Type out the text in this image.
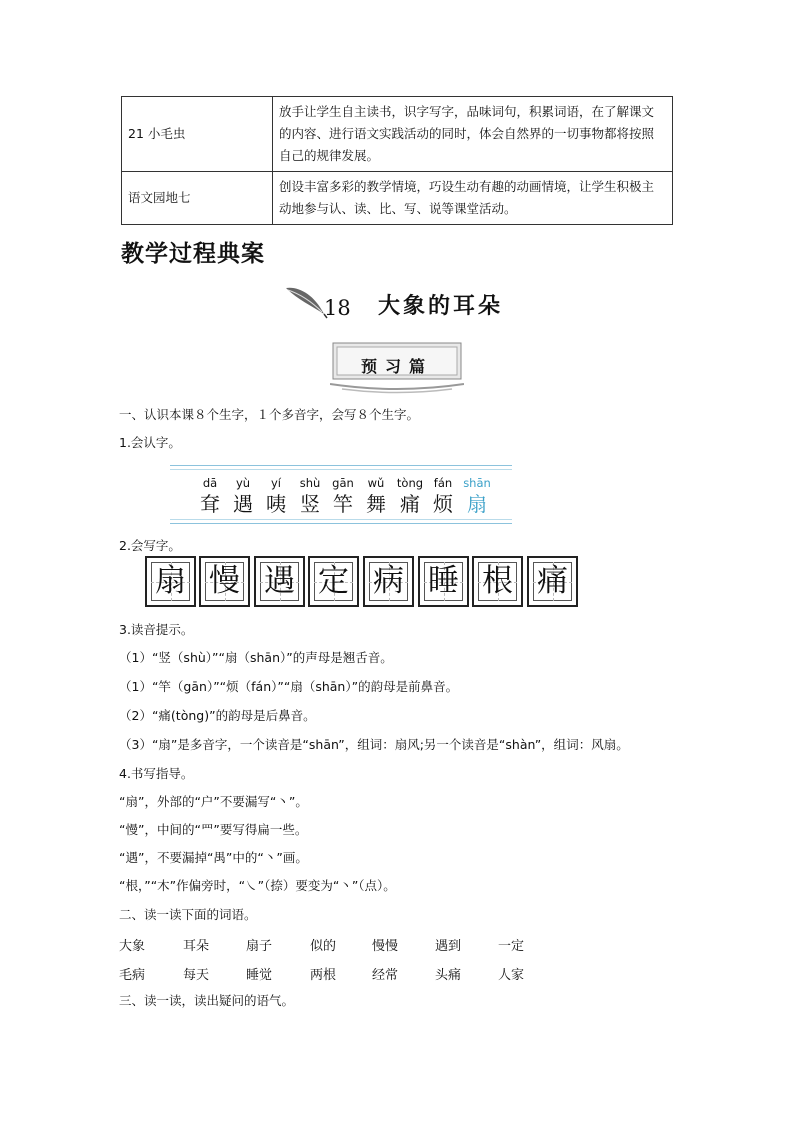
21 小毛虫	放手让学生自主读书，识字写字，品味词句，积累词语，在了解课文的内容、进行语文实践活动的同时，体会自然界的一切事物都将按照自己的规律发展。
语文园地七	创设丰富多彩的教学情境，巧设生动有趣的动画情境，让学生积极主动地参与认、读、比、写、说等课堂活动。
教学过程典案
18 大象的耳朵
预习篇
一、认识本课８个生字，１个多音字，会写８个生字。
1.会认字。
dā
耷
yù
遇
yí
咦
shù
竖
gān
竿
wǔ
舞
tòng
痛
fán
烦
shān
扇
2.会写字。
扇 慢 遇 定 病 睡 根 痛
3.读音提示。
（1）“竖（shù）”“扇（shān）”的声母是翘舌音。
（1）“竿（gān）”“烦（fán）”“扇（shān）”的韵母是前鼻音。
（2）“痛(tòng)”的韵母是后鼻音。
（3）“扇”是多音字，一个读音是“shān”，组词：扇风;另一个读音是“shàn”，组词：风扇。
4.书写指导。
“扇”，外部的“户”不要漏写“丶”。
“慢”，中间的“罒”要写得扁一些。
“遇”，不要漏掉“禺”中的“丶”画。
“根，”“木”作偏旁时，“㇏”（捺）要变为“丶”（点）。
二、读一读下面的词语。
大象	耳朵	扇子	似的	慢慢	遇到	一定
毛病	每天	睡觉	两根	经常	头痛	人家
三、读一读，读出疑问的语气。
